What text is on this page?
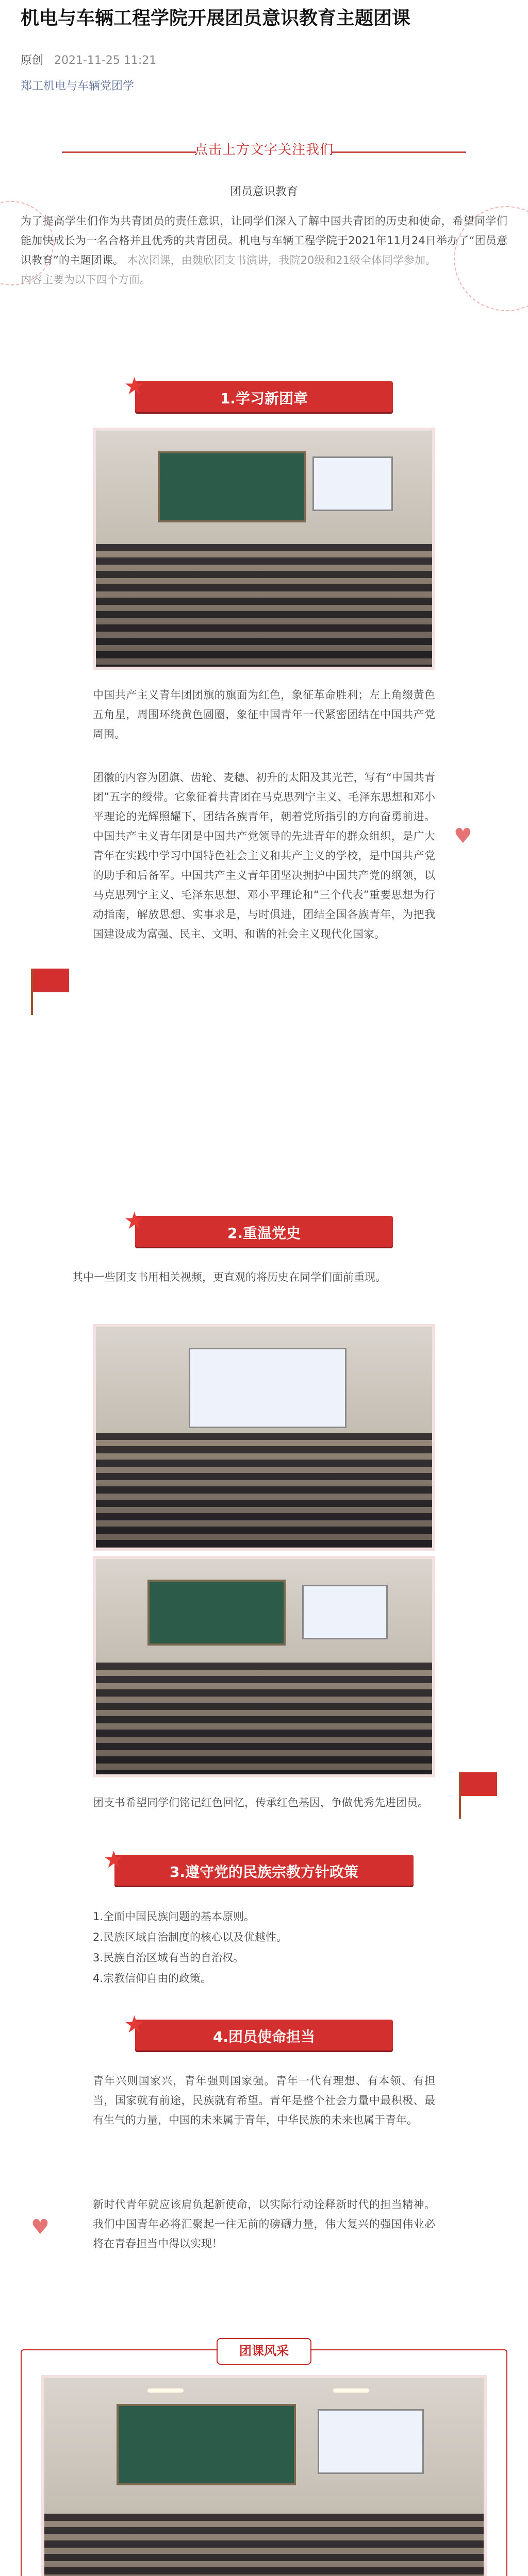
机电与车辆工程学院开展团员意识教育主题团课
原创 2021-11-25 11:21
郑工机电与车辆党团学
点击上方文字关注我们
团员意识教育
为了提高学生们作为共青团员的责任意识，让同学们深入了解中国共青团的历史和使命，希望同学们能加快成长为一名合格并且优秀的共青团员。机电与车辆工程学院于2021年11月24日举办了“团员意识教育”的主题团课。 本次团课，由魏欣团支书演讲，我院20级和21级全体同学参加。
内容主要为以下四个方面。
★	1.学习新团章
中国共产主义青年团团旗的旗面为红色，象征革命胜利；左上角缀黄色五角星，周围环绕黄色圆圈，象征中国青年一代紧密团结在中国共产党周围。
团徽的内容为团旗、齿轮、麦穗、初升的太阳及其光芒，写有“中国共青团”五字的绶带。它象征着共青团在马克思列宁主义、毛泽东思想和邓小平理论的光辉照耀下，团结各族青年，朝着党所指引的方向奋勇前进。中国共产主义青年团是中国共产党领导的先进青年的群众组织，是广大青年在实践中学习中国特色社会主义和共产主义的学校，是中国共产党的助手和后备军。中国共产主义青年团坚决拥护中国共产党的纲领，以马克思列宁主义、毛泽东思想、邓小平理论和“三个代表”重要思想为行动指南，解放思想、实事求是，与时俱进，团结全国各族青年，为把我国建设成为富强、民主、文明、和谐的社会主义现代化国家。
♥
★	2.重温党史
其中一些团支书用相关视频，更直观的将历史在同学们面前重现。
团支书希望同学们铭记红色回忆，传承红色基因，争做优秀先进团员。
★	3.遵守党的民族宗教方针政策
1.全面中国民族问题的基本原则。
2.民族区域自治制度的核心以及优越性。
3.民族自治区域有当的自治权。
4.宗教信仰自由的政策。
★	4.团员使命担当
青年兴则国家兴，青年强则国家强。青年一代有理想、有本领、有担当，国家就有前途，民族就有希望。青年是整个社会力量中最积极、最有生气的力量，中国的未来属于青年，中华民族的未来也属于青年。
新时代青年就应该肩负起新使命，以实际行动诠释新时代的担当精神。我们中国青年必将汇聚起一往无前的磅礴力量，伟大复兴的强国伟业必将在青春担当中得以实现！
♥
团课风采
